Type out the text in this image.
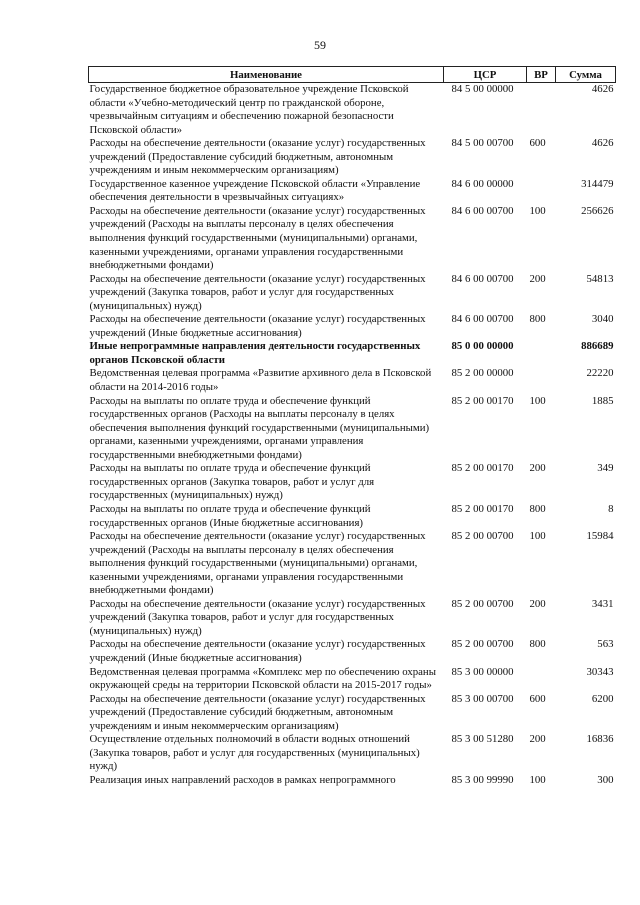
59
Наименование	ЦСР	ВР	Сумма
Государственное бюджетное образовательное учреждение Псковской области «Учебно-методический центр по гражданской обороне, чрезвычайным ситуациям и обеспечению пожарной безопасности Псковской области»	84 5 00 00000		4626
Расходы на обеспечение деятельности (оказание услуг) государственных учреждений (Предоставление субсидий бюджетным, автономным учреждениям и иным некоммерческим организациям)	84 5 00 00700	600	4626
Государственное казенное учреждение Псковской области «Управление обеспечения деятельности в чрезвычайных ситуациях»	84 6 00 00000		314479
Расходы на обеспечение деятельности (оказание услуг) государственных учреждений (Расходы на выплаты персоналу в целях обеспечения выполнения функций государственными (муниципальными) органами, казенными учреждениями, органами управления государственными внебюджетными фондами)	84 6 00 00700	100	256626
Расходы на обеспечение деятельности (оказание услуг) государственных учреждений (Закупка товаров, работ и услуг для государственных (муниципальных) нужд)	84 6 00 00700	200	54813
Расходы на обеспечение деятельности (оказание услуг) государственных учреждений (Иные бюджетные ассигнования)	84 6 00 00700	800	3040
Иные непрограммные направления деятельности государственных органов Псковской области	85 0 00 00000		886689
Ведомственная целевая программа «Развитие архивного дела в Псковской области на 2014-2016 годы»	85 2 00 00000		22220
Расходы на выплаты по оплате труда и обеспечение функций государственных органов (Расходы на выплаты персоналу в целях обеспечения выполнения функций государственными (муниципальными) органами, казенными учреждениями, органами управления государственными внебюджетными фондами)	85 2 00 00170	100	1885
Расходы на выплаты по оплате труда и обеспечение функций государственных органов (Закупка товаров, работ и услуг для государственных (муниципальных) нужд)	85 2 00 00170	200	349
Расходы на выплаты по оплате труда и обеспечение функций государственных органов (Иные бюджетные ассигнования)	85 2 00 00170	800	8
Расходы на обеспечение деятельности (оказание услуг) государственных учреждений (Расходы на выплаты персоналу в целях обеспечения выполнения функций государственными (муниципальными) органами, казенными учреждениями, органами управления государственными внебюджетными фондами)	85 2 00 00700	100	15984
Расходы на обеспечение деятельности (оказание услуг) государственных учреждений (Закупка товаров, работ и услуг для государственных (муниципальных) нужд)	85 2 00 00700	200	3431
Расходы на обеспечение деятельности (оказание услуг) государственных учреждений (Иные бюджетные ассигнования)	85 2 00 00700	800	563
Ведомственная целевая программа «Комплекс мер по обеспечению охраны окружающей среды на территории Псковской области на 2015-2017 годы»	85 3 00 00000		30343
Расходы на обеспечение деятельности (оказание услуг) государственных учреждений (Предоставление субсидий бюджетным, автономным учреждениям и иным некоммерческим организациям)	85 3 00 00700	600	6200
Осуществление отдельных полномочий в области водных отношений (Закупка товаров, работ и услуг для государственных (муниципальных) нужд)	85 3 00 51280	200	16836
Реализация иных направлений расходов в рамках непрограммного	85 3 00 99990	100	300
